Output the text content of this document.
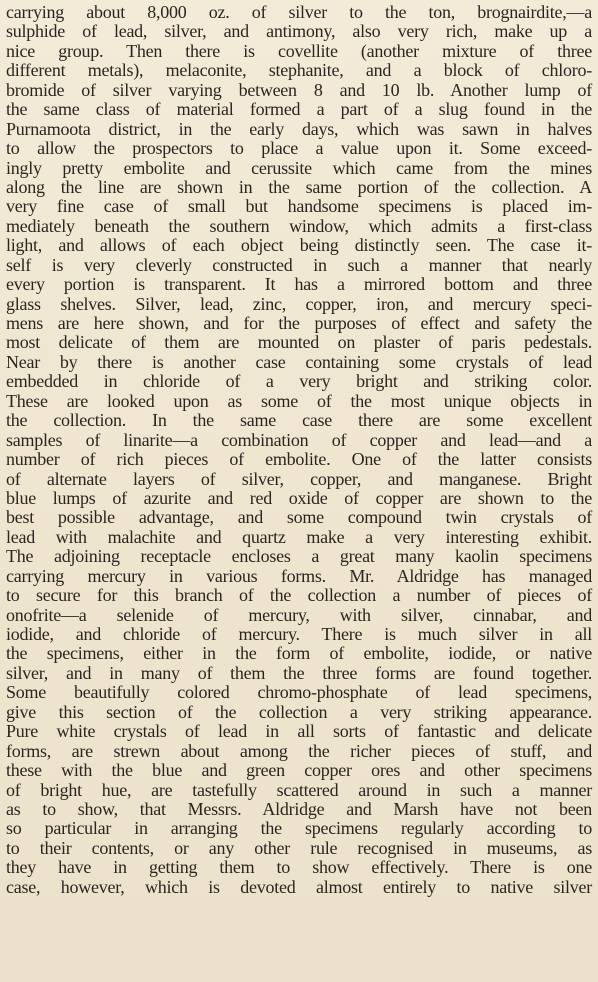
carrying about 8,000 oz. of silver to the ton, brognairdite,—a
sulphide of lead, silver, and antimony, also very rich, make up a
nice group. Then there is covellite (another mixture of three
different metals), melaconite, stephanite, and a block of chloro-
bromide of silver varying between 8 and 10 lb. Another lump of
the same class of material formed a part of a slug found in the
Purnamoota district, in the early days, which was sawn in halves
to allow the prospectors to place a value upon it. Some exceed-
ingly pretty embolite and cerussite which came from the mines
along the line are shown in the same portion of the collection. A
very fine case of small but handsome specimens is placed im-
mediately beneath the southern window, which admits a first-class
light, and allows of each object being distinctly seen. The case it-
self is very cleverly constructed in such a manner that nearly
every portion is transparent. It has a mirrored bottom and three
glass shelves. Silver, lead, zinc, copper, iron, and mercury speci-
mens are here shown, and for the purposes of effect and safety the
most delicate of them are mounted on plaster of paris pedestals.
Near by there is another case containing some crystals of lead
embedded in chloride of a very bright and striking color.
These are looked upon as some of the most unique objects in
the collection. In the same case there are some excellent
samples of linarite—a combination of copper and lead—and a
number of rich pieces of embolite. One of the latter consists
of alternate layers of silver, copper, and manganese. Bright
blue lumps of azurite and red oxide of copper are shown to the
best possible advantage, and some compound twin crystals of
lead with malachite and quartz make a very interesting exhibit.
The adjoining receptacle encloses a great many kaolin specimens
carrying mercury in various forms. Mr. Aldridge has managed
to secure for this branch of the collection a number of pieces of
onofrite—a selenide of mercury, with silver, cinnabar, and
iodide, and chloride of mercury. There is much silver in all
the specimens, either in the form of embolite, iodide, or native
silver, and in many of them the three forms are found together.
Some beautifully colored chromo-phosphate of lead specimens,
give this section of the collection a very striking appearance.
Pure white crystals of lead in all sorts of fantastic and delicate
forms, are strewn about among the richer pieces of stuff, and
these with the blue and green copper ores and other specimens
of bright hue, are tastefully scattered around in such a manner
as to show, that Messrs. Aldridge and Marsh have not been
so particular in arranging the specimens regularly according to
to their contents, or any other rule recognised in museums, as
they have in getting them to show effectively. There is one
case, however, which is devoted almost entirely to native silver
